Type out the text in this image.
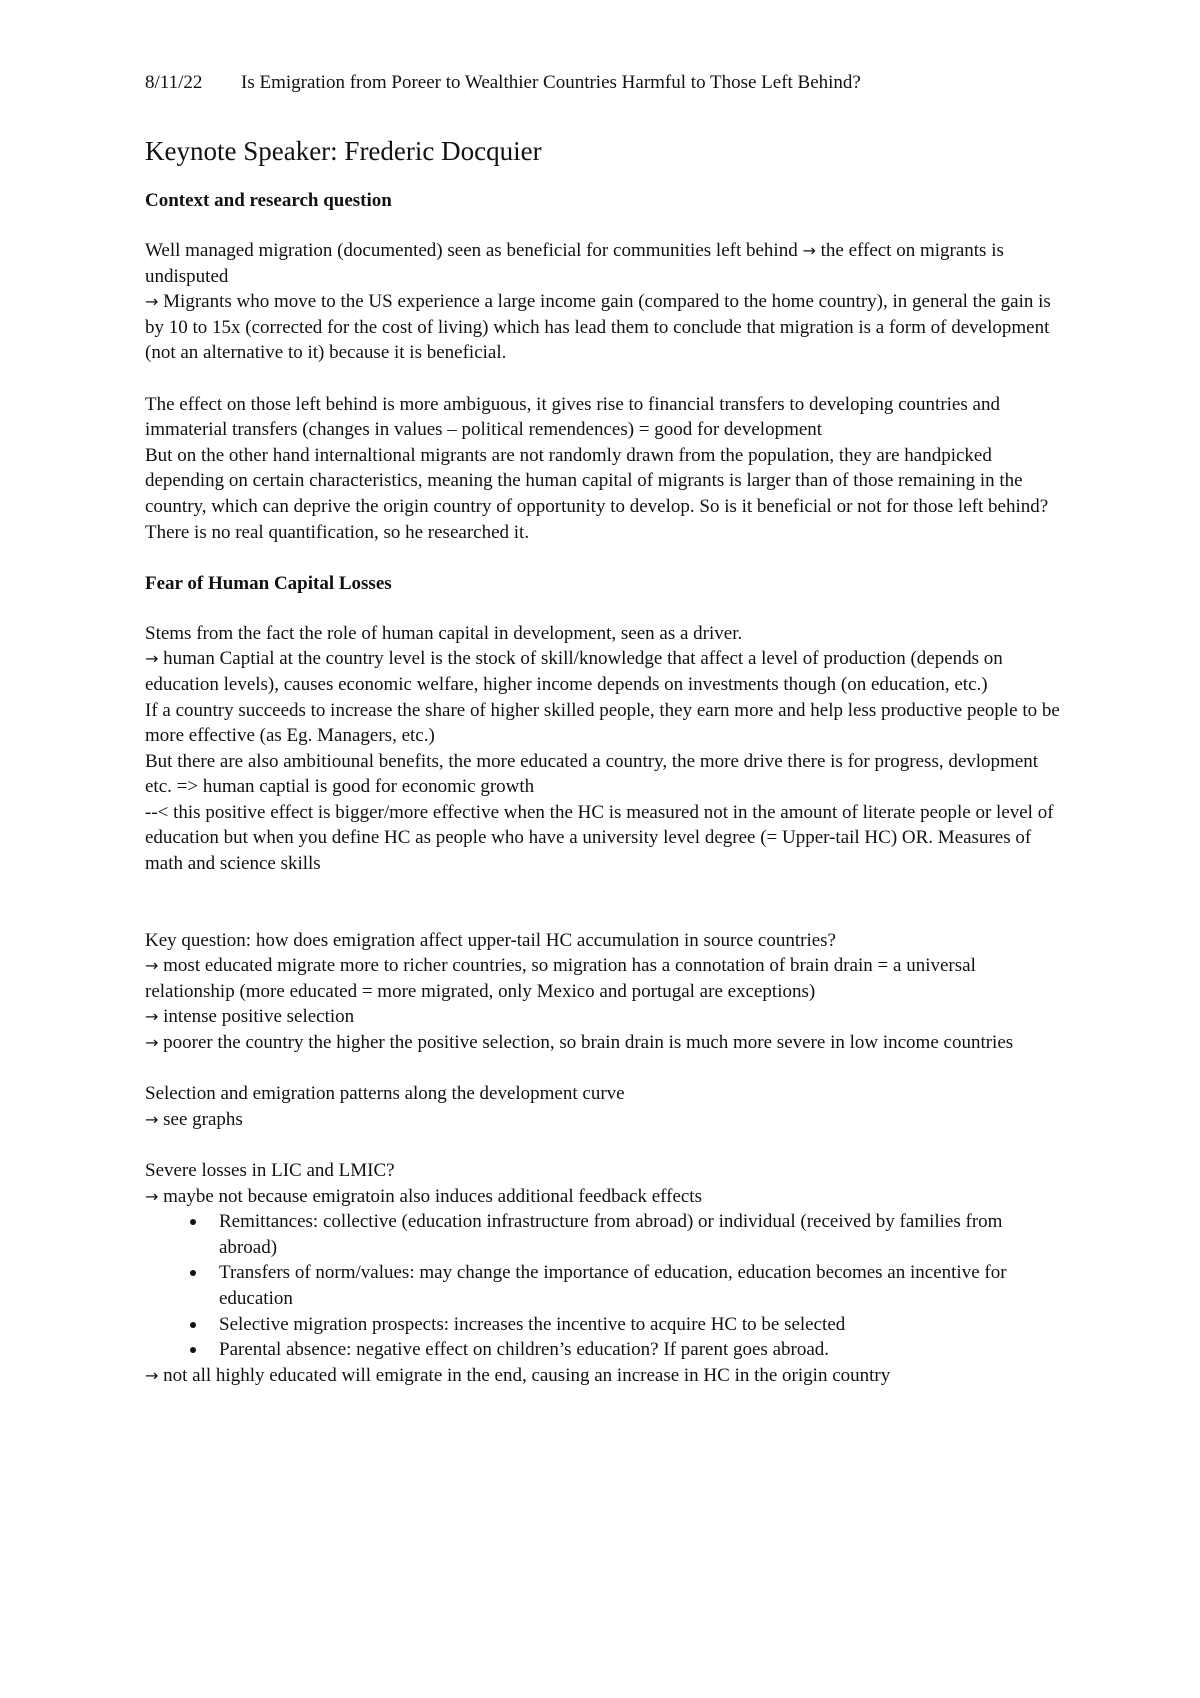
8/11/22 Is Emigration from Poreer to Wealthier Countries Harmful to Those Left Behind?
Keynote Speaker: Frederic Docquier
Context and research question

Well managed migration (documented) seen as beneficial for communities left behind → the effect on migrants is undisputed

→ Migrants who move to the US experience a large income gain (compared to the home country), in general the gain is by 10 to 15x (corrected for the cost of living) which has lead them to conclude that migration is a form of development (not an alternative to it) because it is beneficial.

The effect on those left behind is more ambiguous, it gives rise to financial transfers to developing countries and immaterial transfers (changes in values – political remendences) = good for development

But on the other hand internaltional migrants are not randomly drawn from the population, they are handpicked depending on certain characteristics, meaning the human capital of migrants is larger than of those remaining in the country, which can deprive the origin country of opportunity to develop. So is it beneficial or not for those left behind? There is no real quantification, so he researched it.

Fear of Human Capital Losses

Stems from the fact the role of human capital in development, seen as a driver.

→ human Captial at the country level is the stock of skill/knowledge that affect a level of production (depends on education levels), causes economic welfare, higher income depends on investments though (on education, etc.)

If a country succeeds to increase the share of higher skilled people, they earn more and help less productive people to be more effective (as Eg. Managers, etc.)

But there are also ambitiounal benefits, the more educated a country, the more drive there is for progress, devlopment etc. => human captial is good for economic growth

--< this positive effect is bigger/more effective when the HC is measured not in the amount of literate people or level of education but when you define HC as people who have a university level degree (= Upper-tail HC) OR. Measures of math and science skills

Key question: how does emigration affect upper-tail HC accumulation in source countries?

→ most educated migrate more to richer countries, so migration has a connotation of brain drain = a universal relationship (more educated = more migrated, only Mexico and portugal are exceptions)

→ intense positive selection

→ poorer the country the higher the positive selection, so brain drain is much more severe in low income countries

Selection and emigration patterns along the development curve

→ see graphs

Severe losses in LIC and LMIC?

→ maybe not because emigratoin also induces additional feedback effects

Remittances: collective (education infrastructure from abroad) or individual (received by families from abroad)
Transfers of norm/values: may change the importance of education, education becomes an incentive for education
Selective migration prospects: increases the incentive to acquire HC to be selected
Parental absence: negative effect on children’s education? If parent goes abroad.

→ not all highly educated will emigrate in the end, causing an increase in HC in the origin country
